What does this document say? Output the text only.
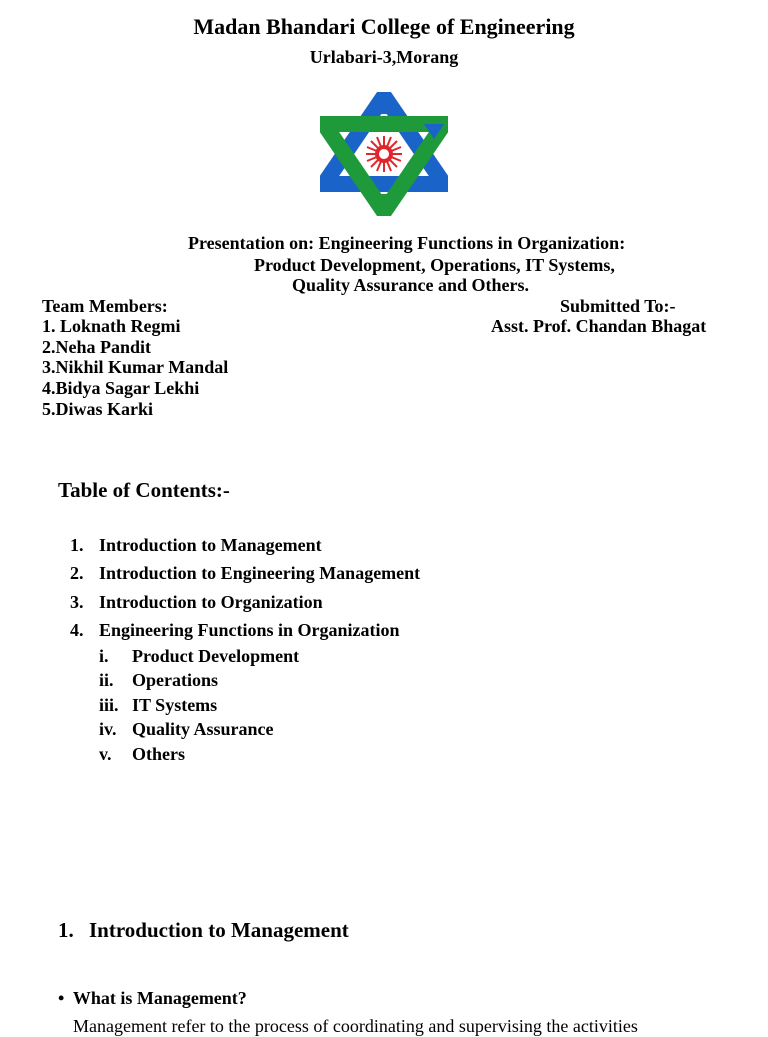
Madan Bhandari College of Engineering
Urlabari-3,Morang
Presentation on: Engineering Functions in Organization:
Product Development, Operations, IT Systems,
Quality Assurance and Others.
Team Members:
1. Loknath Regmi
2.Neha Pandit
3.Nikhil Kumar Mandal
4.Bidya Sagar Lekhi
5.Diwas Karki
Submitted To:-
Asst. Prof. Chandan Bhagat
Table of Contents:-
1. Introduction to Management
2. Introduction to Engineering Management
3. Introduction to Organization
4. Engineering Functions in Organization
i. Product Development
ii. Operations
iii. IT Systems
iv. Quality Assurance
v. Others
1. Introduction to Management
• What is Management?
Management refer to the process of coordinating and supervising the activities
